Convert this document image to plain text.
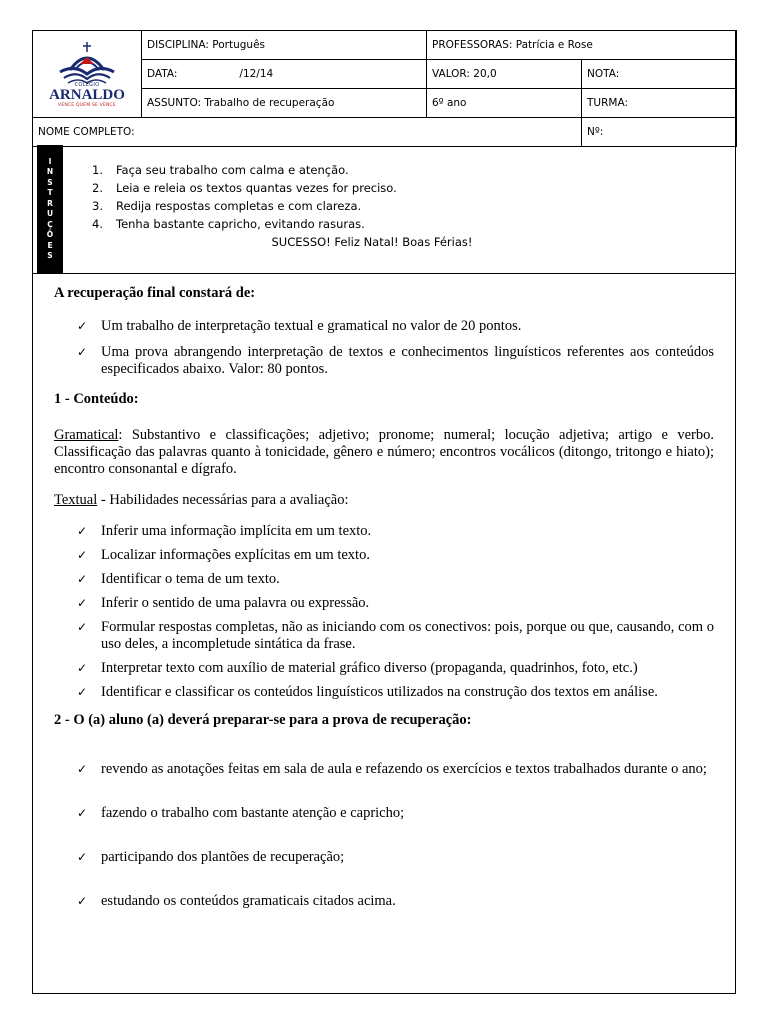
COLÉGIO
ARNALDO
VENCE QUEM SE VENCE	DISCIPLINA: Português	PROFESSORAS: Patrícia e Rose	
	DATA: /12/14	VALOR: 20,0	NOTA:
	ASSUNTO: Trabalho de recuperação	6º ano	TURMA:
NOME COMPLETO:			Nº:
I
N
S
T
R
U
Ç
Õ
E
S
1. Faça seu trabalho com calma e atenção.
2. Leia e releia os textos quantas vezes for preciso.
3. Redija respostas completas e com clareza.
4. Tenha bastante capricho, evitando rasuras.
SUCESSO! Feliz Natal! Boas Férias!

A recuperação final constará de:

✓ Um trabalho de interpretação textual e gramatical no valor de 20 pontos.
✓ Uma prova abrangendo interpretação de textos e conhecimentos linguísticos referentes aos conteúdos especificados abaixo. Valor: 80 pontos.

1 - Conteúdo:

Gramatical: Substantivo e classificações; adjetivo; pronome; numeral; locução adjetiva; artigo e verbo. Classificação das palavras quanto à tonicidade, gênero e número; encontros vocálicos (ditongo, tritongo e hiato); encontro consonantal e dígrafo.

Textual - Habilidades necessárias para a avaliação:

✓ Inferir uma informação implícita em um texto.
✓ Localizar informações explícitas em um texto.
✓ Identificar o tema de um texto.
✓ Inferir o sentido de uma palavra ou expressão.
✓ Formular respostas completas, não as iniciando com os conectivos: pois, porque ou que, causando, com o uso deles, a incompletude sintática da frase.
✓ Interpretar texto com auxílio de material gráfico diverso (propaganda, quadrinhos, foto, etc.)
✓ Identificar e classificar os conteúdos linguísticos utilizados na construção dos textos em análise.

2 - O (a) aluno (a) deverá preparar-se para a prova de recuperação:

✓ revendo as anotações feitas em sala de aula e refazendo os exercícios e textos trabalhados durante o ano;
✓ fazendo o trabalho com bastante atenção e capricho;
✓ participando dos plantões de recuperação;
✓ estudando os conteúdos gramaticais citados acima.
